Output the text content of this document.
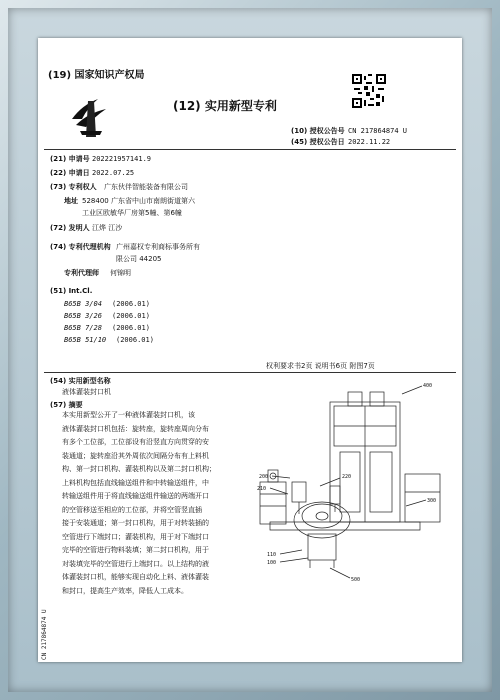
(19) 国家知识产权局
(12) 实用新型专利
(10) 授权公告号 CN 217864874 U
(45) 授权公告日 2022.11.22
(21) 申请号 202221957141.9
(22) 申请日 2022.07.25
(73) 专利权人 广东伙伴智能装备有限公司
地址 528400 广东省中山市南朗街道第六
工业区欧敏华厂房第5幢、第6幢
(72) 发明人 江烨 江沙
(74) 专利代理机构 广州嘉权专利商标事务所有
限公司 44205
专利代理师 何锦明
(51) Int.Cl.
B65B 3/04 (2006.01)
B65B 3/26 (2006.01)
B65B 7/28 (2006.01)
B65B 51/10 (2006.01)
权利要求书2页 说明书6页 附图7页
(54) 实用新型名称
液体灌装封口机
(57) 摘要

本实用新型公开了一种液体灌装封口机，该

液体灌装封口机包括：旋转座，旋转座周向分布

有多个工位部，工位部设有沿竖直方向贯穿的安

装通道；旋转座沿其外周依次间隔分布有上料机

构、第一封口机构、灌装机构以及第二封口机构；

上料机构包括直线输送组件和中转输送组件，中

转输送组件用于将直线输送组件输送的两端开口

的空管移送至相应的工位部，并将空管竖直插

接于安装通道；第一封口机构，用于对转装插的

空管进行下端封口；灌装机构，用于对下端封口

完毕的空管进行物料装填；第二封口机构，用于

对装填完毕的空管进行上端封口。以上结构的液

体灌装封口机，能够实现自动化上料、液体灌装

和封口，提高生产效率，降低人工成本。

400
210
220
200
110
100
300
500
CN 217864874 U
